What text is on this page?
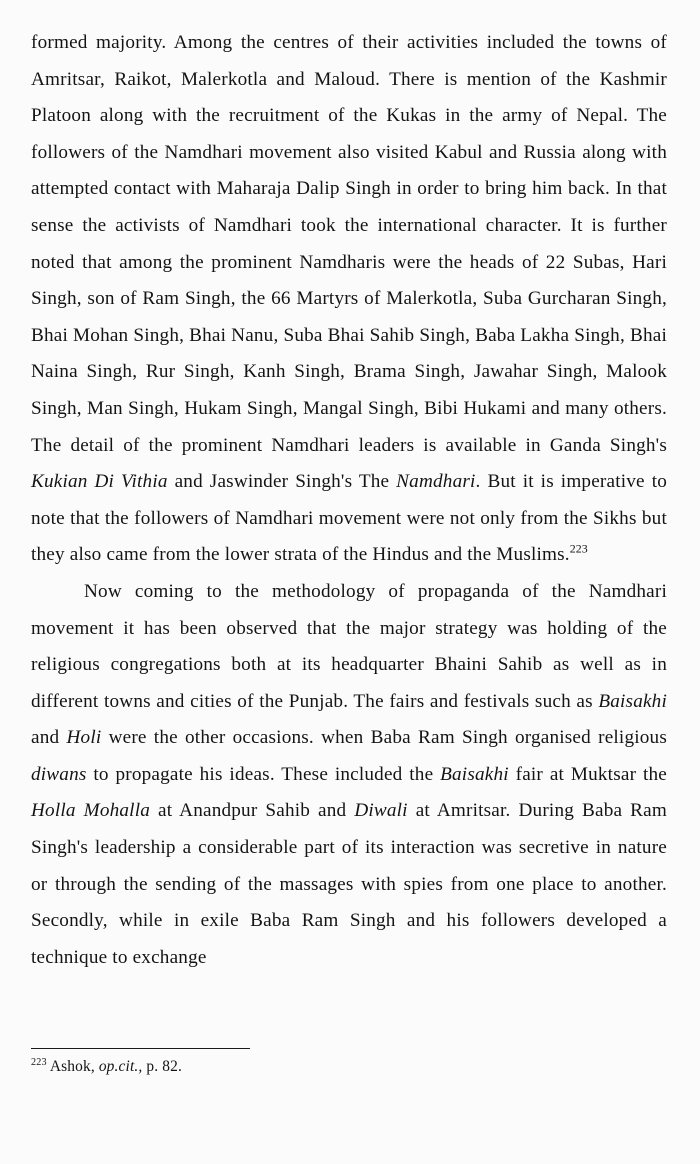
formed majority. Among the centres of their activities included the towns of Amritsar, Raikot, Malerkotla and Maloud. There is mention of the Kashmir Platoon along with the recruitment of the Kukas in the army of Nepal. The followers of the Namdhari movement also visited Kabul and Russia along with attempted contact with Maharaja Dalip Singh in order to bring him back. In that sense the activists of Namdhari took the international character. It is further noted that among the prominent Namdharis were the heads of 22 Subas, Hari Singh, son of Ram Singh, the 66 Martyrs of Malerkotla, Suba Gurcharan Singh, Bhai Mohan Singh, Bhai Nanu, Suba Bhai Sahib Singh, Baba Lakha Singh, Bhai Naina Singh, Rur Singh, Kanh Singh, Brama Singh, Jawahar Singh, Malook Singh, Man Singh, Hukam Singh, Mangal Singh, Bibi Hukami and many others. The detail of the prominent Namdhari leaders is available in Ganda Singh's Kukian Di Vithia and Jaswinder Singh's The Namdhari. But it is imperative to note that the followers of Namdhari movement were not only from the Sikhs but they also came from the lower strata of the Hindus and the Muslims.$^{223}$

Now coming to the methodology of propaganda of the Namdhari movement it has been observed that the major strategy was holding of the religious congregations both at its headquarter Bhaini Sahib as well as in different towns and cities of the Punjab. The fairs and festivals such as Baisakhi and Holi were the other occasions. when Baba Ram Singh organised religious diwans to propagate his ideas. These included the Baisakhi fair at Muktsar the Holla Mohalla at Anandpur Sahib and Diwali at Amritsar. During Baba Ram Singh's leadership a considerable part of its interaction was secretive in nature or through the sending of the massages with spies from one place to another. Secondly, while in exile Baba Ram Singh and his followers developed a technique to exchange

$^{223}$ Ashok, op.cit., p. 82.
